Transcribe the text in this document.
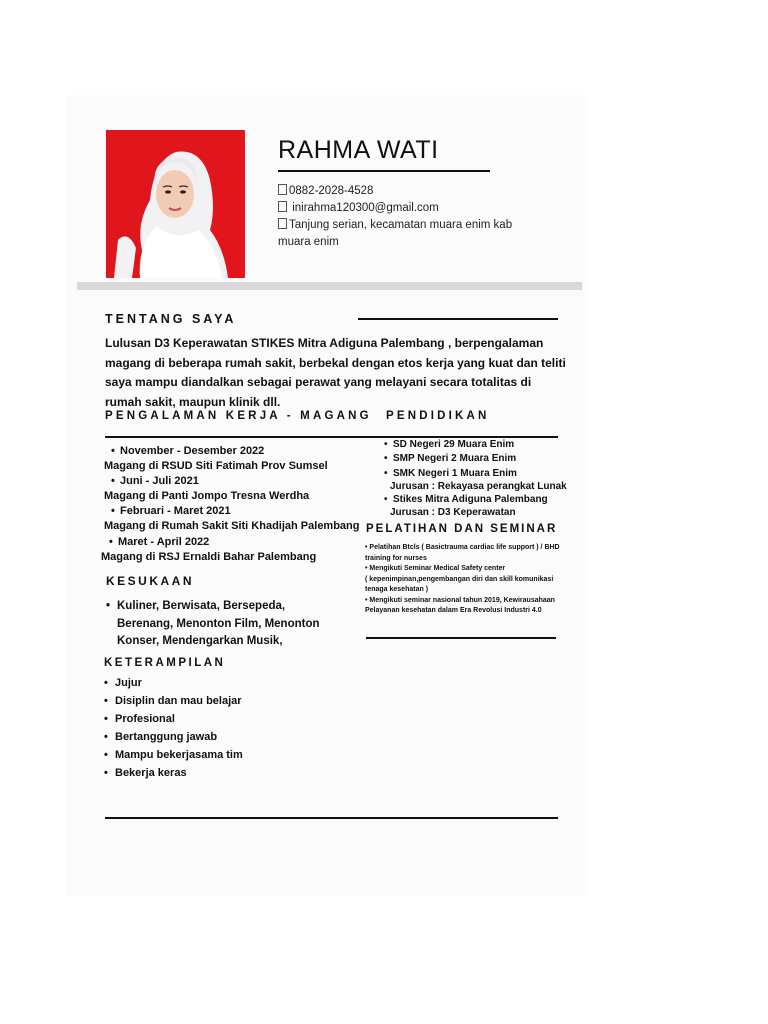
RAHMA WATI
0882-2028-4528
inirahma120300@gmail.com
Tanjung serian, kecamatan muara enim kab
muara enim
TENTANG SAYA
Lulusan D3 Keperawatan STIKES Mitra Adiguna Palembang , berpengalaman magang di beberapa rumah sakit, berbekal dengan etos kerja yang kuat dan teliti saya mampu diandalkan sebagai perawat yang melayani secara totalitas di rumah sakit, maupun klinik dll.
PENGALAMAN KERJA - MAGANG PENDIDIKAN
• November - Desember 2022
Magang di RSUD Siti Fatimah Prov Sumsel
• Juni - Juli 2021
Magang di Panti Jompo Tresna Werdha
• Februari - Maret 2021
Magang di Rumah Sakit Siti Khadijah Palembang
• Maret - April 2022
Magang di RSJ Ernaldi Bahar Palembang
• SD Negeri 29 Muara Enim
• SMP Negeri 2 Muara Enim
• SMK Negeri 1 Muara Enim
Jurusan : Rekayasa perangkat Lunak
• Stikes Mitra Adiguna Palembang
Jurusan : D3 Keperawatan
PELATIHAN DAN SEMINAR
• Pelatihan Btcls ( Basictrauma cardiac life support ) / BHD
training for nurses
• Mengikuti Seminar Medical Safety center
( kepenimpinan,pengembangan diri dan skill komunikasi
tenaga kesehatan )
• Mengikuti seminar nasional tahun 2019, Kewirausahaan
Pelayanan kesehatan dalam Era Revolusi Industri 4.0
KESUKAAN
• Kuliner, Berwisata, Bersepeda,
Berenang, Menonton Film, Menonton
Konser, Mendengarkan Musik,
KETERAMPILAN
• Jujur
• Disiplin dan mau belajar
• Profesional
• Bertanggung jawab
• Mampu bekerjasama tim
• Bekerja keras
